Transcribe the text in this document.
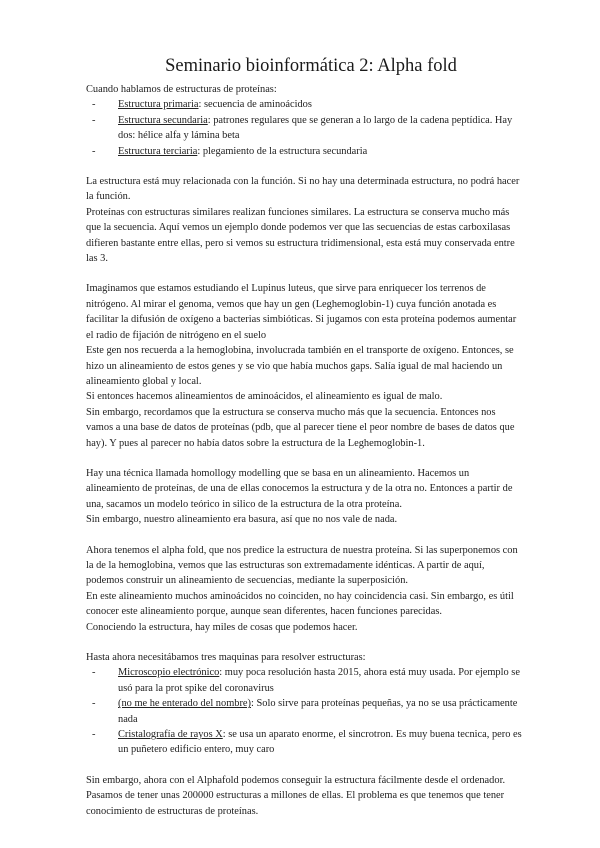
Seminario bioinformática 2: Alpha fold

Cuando hablamos de estructuras de proteínas:

- Estructura primaria: secuencia de aminoácidos
- Estructura secundaria: patrones regulares que se generan a lo largo de la cadena peptídica. Hay dos: hélice alfa y lámina beta
- Estructura terciaria: plegamiento de la estructura secundaria

La estructura está muy relacionada con la función. Si no hay una determinada estructura, no podrá hacer la función.

Proteínas con estructuras similares realizan funciones similares. La estructura se conserva mucho más que la secuencia. Aquí vemos un ejemplo donde podemos ver que las secuencias de estas carboxilasas difieren bastante entre ellas, pero si vemos su estructura tridimensional, esta está muy conservada entre las 3.

Imaginamos que estamos estudiando el Lupinus luteus, que sirve para enriquecer los terrenos de nitrógeno. Al mirar el genoma, vemos que hay un gen (Leghemoglobin-1) cuya función anotada es facilitar la difusión de oxígeno a bacterias simbióticas. Si jugamos con esta proteína podemos aumentar el radio de fijación de nitrógeno en el suelo

Este gen nos recuerda a la hemoglobina, involucrada también en el transporte de oxígeno. Entonces, se hizo un alineamiento de estos genes y se vio que había muchos gaps. Salía igual de mal haciendo un alineamiento global y local.

Si entonces hacemos alineamientos de aminoácidos, el alineamiento es igual de malo.

Sin embargo, recordamos que la estructura se conserva mucho más que la secuencia. Entonces nos vamos a una base de datos de proteínas (pdb, que al parecer tiene el peor nombre de bases de datos que hay). Y pues al parecer no había datos sobre la estructura de la Leghemoglobin-1.

Hay una técnica llamada homollogy modelling que se basa en un alineamiento. Hacemos un alineamiento de proteínas, de una de ellas conocemos la estructura y de la otra no. Entonces a partir de una, sacamos un modelo teórico in silico de la estructura de la otra proteína.

Sin embargo, nuestro alineamiento era basura, así que no nos vale de nada.

Ahora tenemos el alpha fold, que nos predice la estructura de nuestra proteína. Si las superponemos con la de la hemoglobina, vemos que las estructuras son extremadamente idénticas. A partir de aquí, podemos construir un alineamiento de secuencias, mediante la superposición.

En este alineamiento muchos aminoácidos no coinciden, no hay coincidencia casi. Sin embargo, es útil conocer este alineamiento porque, aunque sean diferentes, hacen funciones parecidas.

Conociendo la estructura, hay miles de cosas que podemos hacer.

Hasta ahora necesitábamos tres maquinas para resolver estructuras:

- Microscopio electrónico: muy poca resolución hasta 2015, ahora está muy usada. Por ejemplo se usó para la prot spike del coronavirus
- (no me he enterado del nombre): Solo sirve para proteínas pequeñas, ya no se usa prácticamente nada
- Cristalografía de rayos X: se usa un aparato enorme, el sincrotron. Es muy buena tecnica, pero es un puñetero edificio entero, muy caro

Sin embargo, ahora con el Alphafold podemos conseguir la estructura fácilmente desde el ordenador. Pasamos de tener unas 200000 estructuras a millones de ellas. El problema es que tenemos que tener conocimiento de estructuras de proteínas.
